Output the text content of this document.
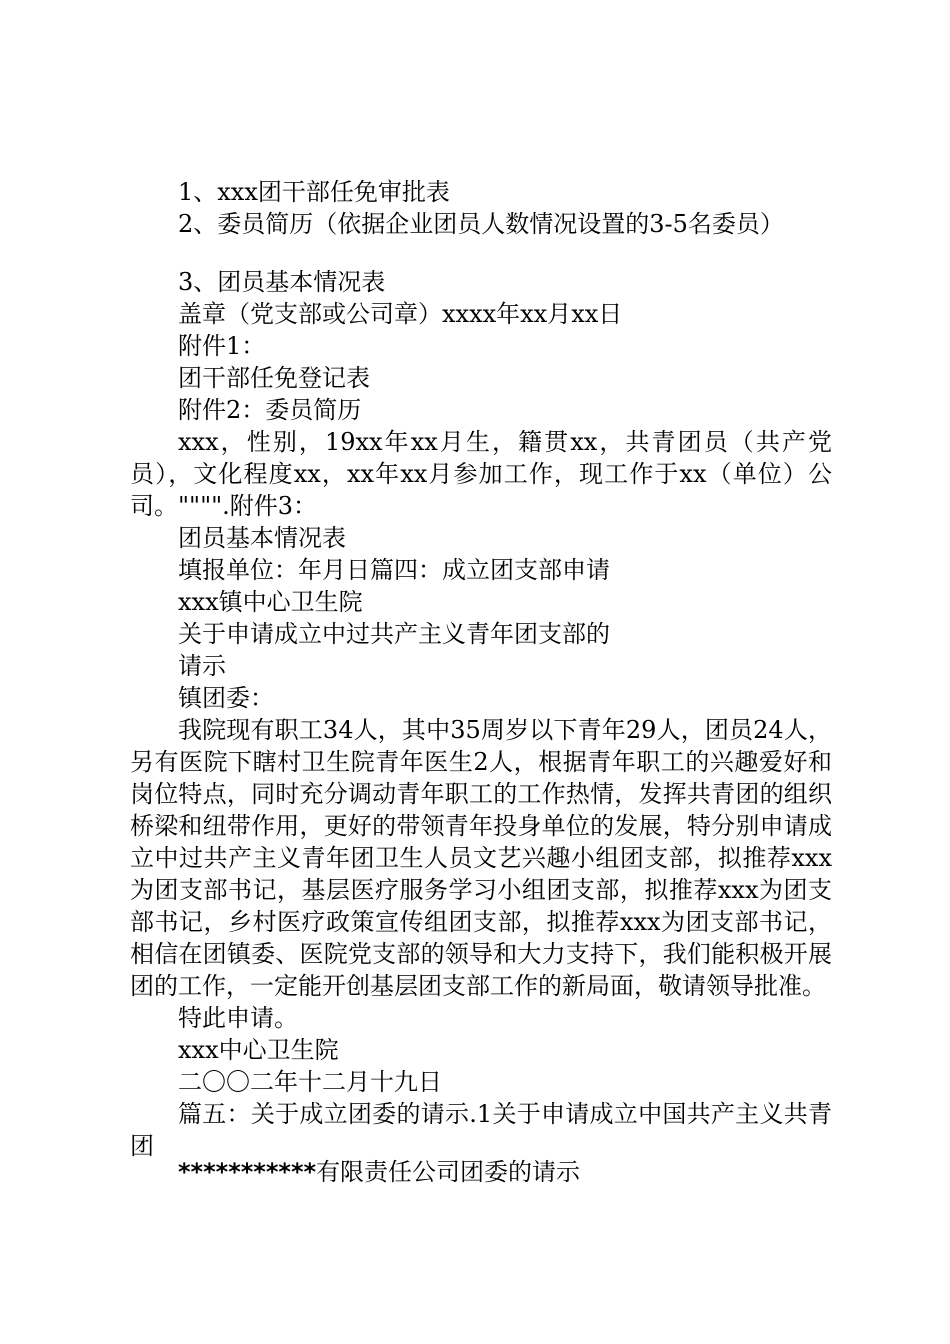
1、xxx团干部任免审批表
2、委员简历（依据企业团员人数情况设置的3-5名委员）
3、团员基本情况表
盖章（党支部或公司章）xxxx年xx月xx日
附件1：
团干部任免登记表
附件2：委员简历
xxx，性别，19xx年xx月生，籍贯xx，共青团员（共产党员），文化程度xx，xx年xx月参加工作，现工作于xx（单位）公司。"""".附件3：
团员基本情况表
填报单位：年月日篇四：成立团支部申请
xxx镇中心卫生院
关于申请成立中过共产主义青年团支部的
请示
镇团委：
我院现有职工34人，其中35周岁以下青年29人，团员24人，另有医院下瞎村卫生院青年医生2人，根据青年职工的兴趣爱好和岗位特点，同时充分调动青年职工的工作热情，发挥共青团的组织桥梁和纽带作用，更好的带领青年投身单位的发展，特分别申请成立中过共产主义青年团卫生人员文艺兴趣小组团支部，拟推荐xxx为团支部书记，基层医疗服务学习小组团支部，拟推荐xxx为团支部书记，乡村医疗政策宣传组团支部，拟推荐xxx为团支部书记，相信在团镇委、医院党支部的领导和大力支持下，我们能积极开展团的工作，一定能开创基层团支部工作的新局面，敬请领导批准。
特此申请。
xxx中心卫生院
二〇〇二年十二月十九日
篇五：关于成立团委的请示.1关于申请成立中国共产主义共青团
***********有限责任公司团委的请示
